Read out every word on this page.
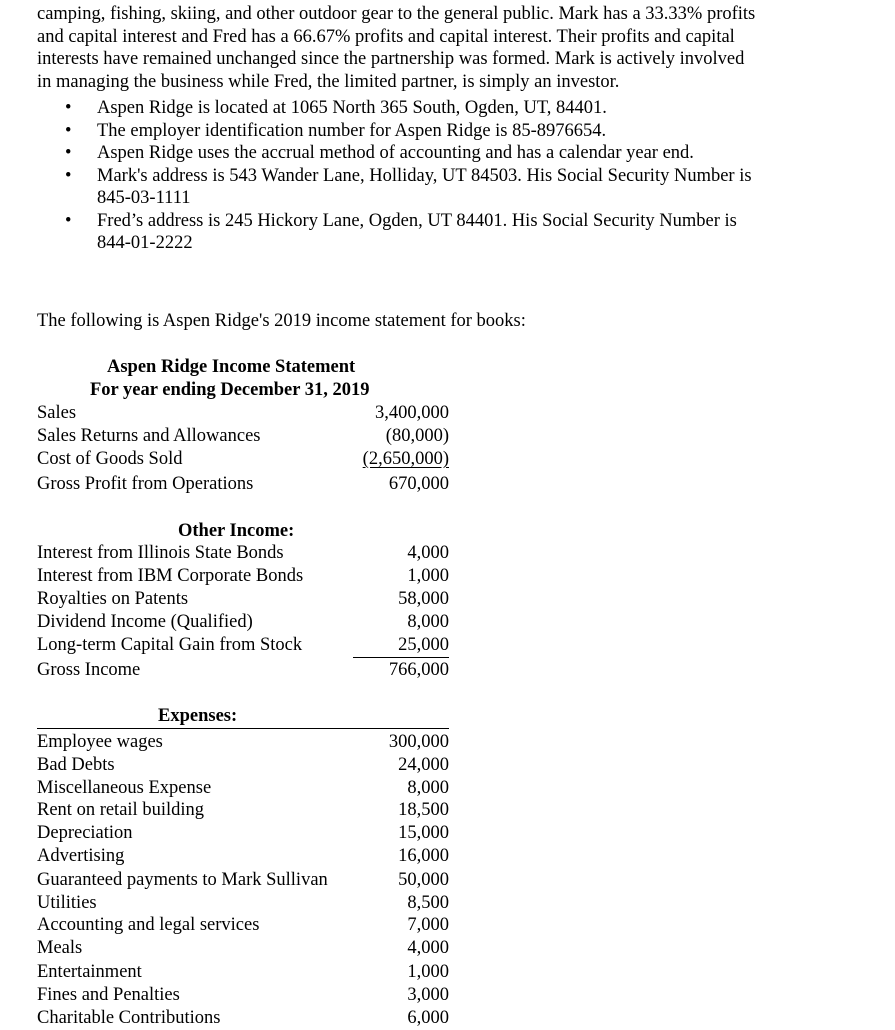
camping, fishing, skiing, and other outdoor gear to the general public. Mark has a 33.33% profits
and capital interest and Fred has a 66.67% profits and capital interest. Their profits and capital
interests have remained unchanged since the partnership was formed. Mark is actively involved
in managing the business while Fred, the limited partner, is simply an investor.

• Aspen Ridge is located at 1065 North 365 South, Ogden, UT, 84401.
• The employer identification number for Aspen Ridge is 85-8976654.
• Aspen Ridge uses the accrual method of accounting and has a calendar year end.
• Mark's address is 543 Wander Lane, Holliday, UT 84503. His Social Security Number is
845-03-1111
• Fred’s address is 245 Hickory Lane, Ogden, UT 84401. His Social Security Number is
844-01-2222
The following is Aspen Ridge's 2019 income statement for books:
Aspen Ridge Income Statement
For year ending December 31, 2019
Sales	3,400,000
Sales Returns and Allowances	(80,000)
Cost of Goods Sold	(2,650,000)
Gross Profit from Operations	670,000
Other Income:
Interest from Illinois State Bonds	4,000
Interest from IBM Corporate Bonds	1,000
Royalties on Patents	58,000
Dividend Income (Qualified)	8,000
Long-term Capital Gain from Stock	25,000
Gross Income	766,000
Expenses:
Employee wages	300,000
Bad Debts	24,000
Miscellaneous Expense	8,000
Rent on retail building	18,500
Depreciation	15,000
Advertising	16,000
Guaranteed payments to Mark Sullivan	50,000
Utilities	8,500
Accounting and legal services	7,000
Meals	4,000
Entertainment	1,000
Fines and Penalties	3,000
Charitable Contributions	6,000
